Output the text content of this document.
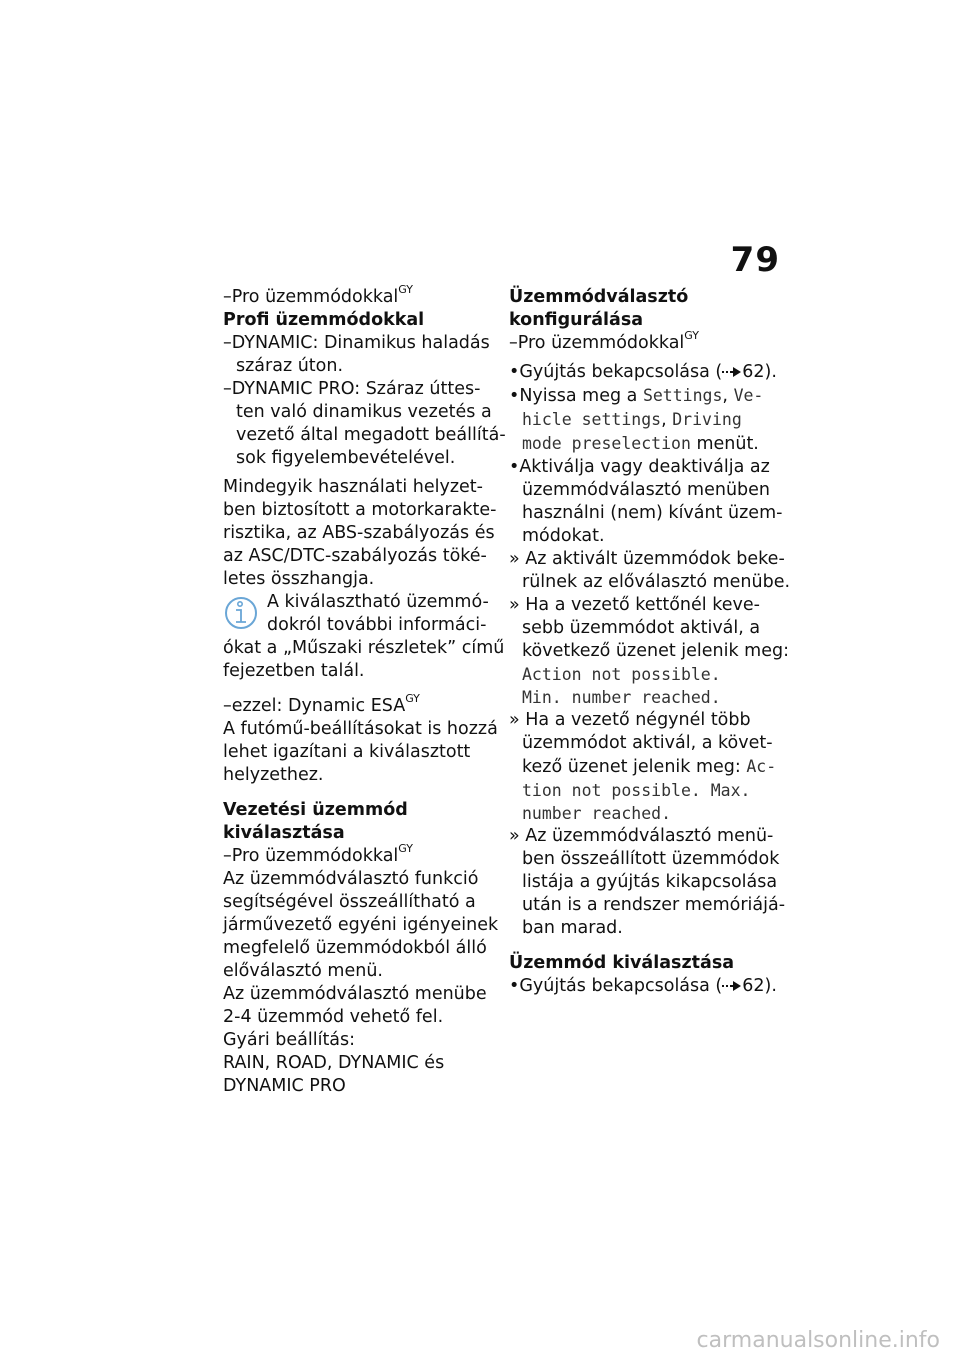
79
–Pro üzemmódokkal$^{GY}$
Profi üzemmódokkal
–DYNAMIC: Dinamikus haladás
száraz úton.
–DYNAMIC PRO: Száraz úttes-
ten való dinamikus vezetés a
vezető által megadott beállítá-
sok figyelembevételével.
Mindegyik használati helyzet-
ben biztosított a motorkarakte-
risztika, az ABS-szabályozás és
az ASC/DTC-szabályozás töké-
letes összhangja.
A kiválasztható üzemmó-
dokról további informáci-
ókat a „Műszaki részletek” című
fejezetben talál.
–ezzel: Dynamic $ESA^{GY}$
A futómű-beállításokat is hozzá
lehet igazítani a kiválasztott
helyzethez.
Vezetési üzemmód
kiválasztása
–Pro üzemmódokkal$^{GY}$
Az üzemmódválasztó funkció
segítségével összeállítható a
járművezető egyéni igényeinek
megfelelő üzemmódokból álló
előválasztó menü.
Az üzemmódválasztó menübe
2-4 üzemmód vehető fel.
Gyári beállítás:
RAIN, ROAD, DYNAMIC és
DYNAMIC PRO
Üzemmódválasztó
konfigurálása
–Pro üzemmódokkal$^{GY}$
•Gyújtás bekapcsolása ( 62).
•Nyissa meg a Settings, Ve-
hicle settings, Driving
mode preselection menüt.
•Aktiválja vagy deaktiválja az
üzemmódválasztó menüben
használni (nem) kívánt üzem-
módokat.
» Az aktivált üzemmódok beke-
rülnek az előválasztó menübe.
» Ha a vezető kettőnél keve-
sebb üzemmódot aktivál, a
következő üzenet jelenik meg:
Action not possible.
Min. number reached.
» Ha a vezető négynél több
üzemmódot aktivál, a követ-
kező üzenet jelenik meg: Ac-
tion not possible. Max.
number reached.
» Az üzemmódválasztó menü-
ben összeállított üzemmódok
listája a gyújtás kikapcsolása
után is a rendszer memóriájá-
ban marad.
Üzemmód kiválasztása
•Gyújtás bekapcsolása ( 62).
carmanualsonline.info
